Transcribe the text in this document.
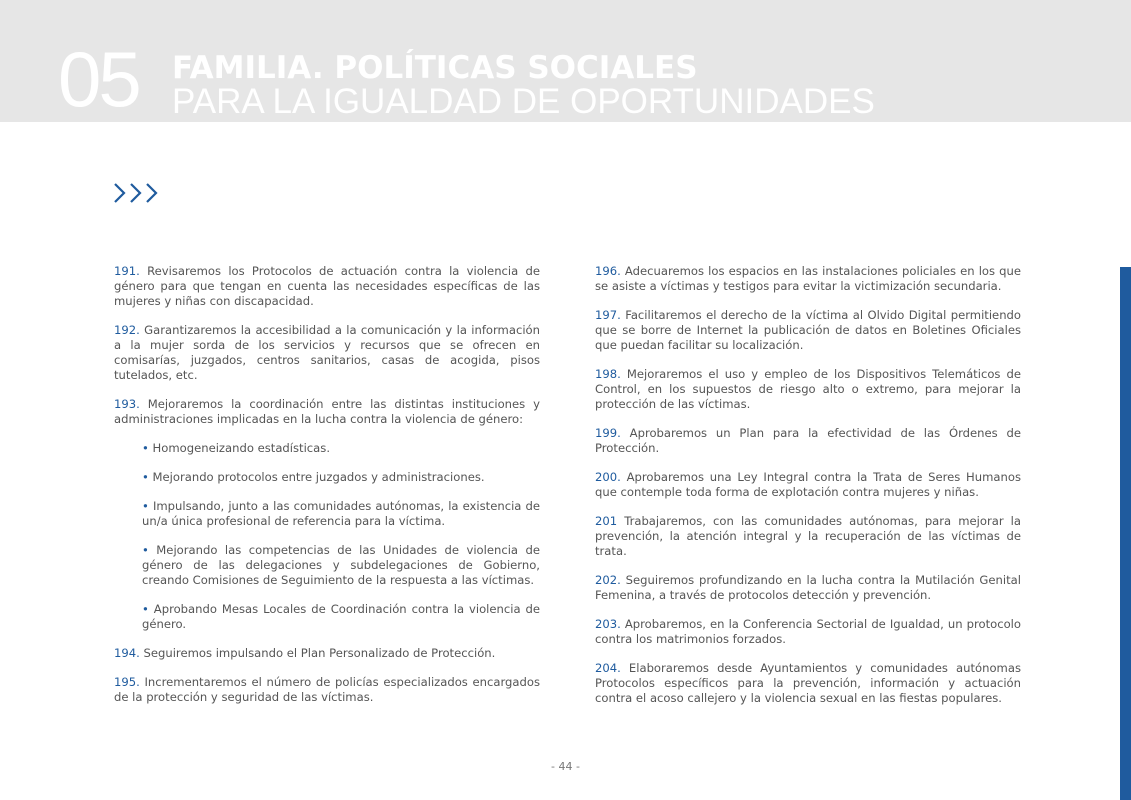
05 FAMILIA. POLÍTICAS SOCIALES
PARA LA IGUALDAD DE OPORTUNIDADES

191. Revisaremos los Protocolos de actuación contra la violencia de género para que tengan en cuenta las necesidades específicas de las mujeres y niñas con discapacidad.

192. Garantizaremos la accesibilidad a la comunicación y la información a la mujer sorda de los servicios y recursos que se ofrecen en comisarías, juzgados, centros sanitarios, casas de acogida, pisos tutelados, etc.

193. Mejoraremos la coordinación entre las distintas instituciones y administraciones implicadas en la lucha contra la violencia de género:

• Homogeneizando estadísticas.

• Mejorando protocolos entre juzgados y administraciones.

• Impulsando, junto a las comunidades autónomas, la existencia de un/a única profesional de referencia para la víctima.

• Mejorando las competencias de las Unidades de violencia de género de las delegaciones y subdelegaciones de Gobierno, creando Comisiones de Seguimiento de la respuesta a las víctimas.

• Aprobando Mesas Locales de Coordinación contra la violencia de género.

194. Seguiremos impulsando el Plan Personalizado de Protección.

195. Incrementaremos el número de policías especializados encargados de la protección y seguridad de las víctimas.

196. Adecuaremos los espacios en las instalaciones policiales en los que se asiste a víctimas y testigos para evitar la victimización secundaria.

197. Facilitaremos el derecho de la víctima al Olvido Digital permitiendo que se borre de Internet la publicación de datos en Boletines Oficiales que puedan facilitar su localización.

198. Mejoraremos el uso y empleo de los Dispositivos Telemáticos de Control, en los supuestos de riesgo alto o extremo, para mejorar la protección de las víctimas.

199. Aprobaremos un Plan para la efectividad de las Órdenes de Protección.

200. Aprobaremos una Ley Integral contra la Trata de Seres Humanos que contemple toda forma de explotación contra mujeres y niñas.

201 Trabajaremos, con las comunidades autónomas, para mejorar la prevención, la atención integral y la recuperación de las víctimas de trata.

202. Seguiremos profundizando en la lucha contra la Mutilación Genital Femenina, a través de protocolos detección y prevención.

203. Aprobaremos, en la Conferencia Sectorial de Igualdad, un protocolo contra los matrimonios forzados.

204. Elaboraremos desde Ayuntamientos y comunidades autónomas Protocolos específicos para la prevención, información y actuación contra el acoso callejero y la violencia sexual en las fiestas populares.

- 44 -
